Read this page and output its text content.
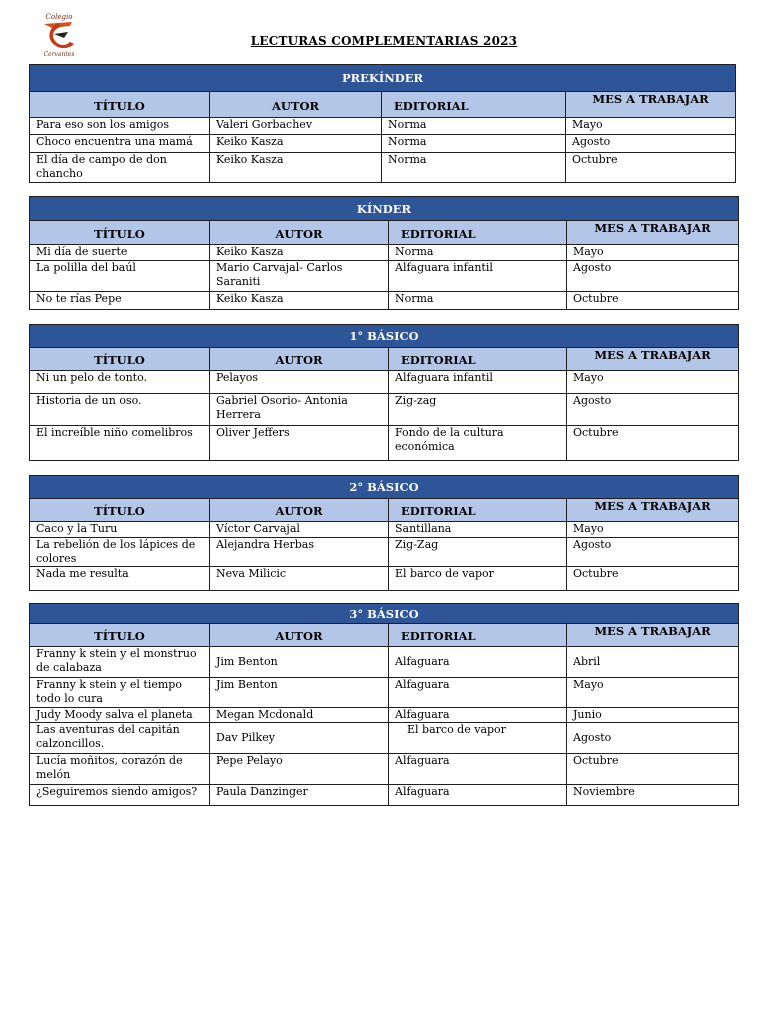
Colegio
Cervantes
LECTURAS COMPLEMENTARIAS 2023
PREKÍNDER			
TÍTULO	AUTOR	EDITORIAL	MES A TRABAJAR
Para eso son los amigos	Valeri Gorbachev	Norma	Mayo
Choco encuentra una mamá	Keiko Kasza	Norma	Agosto
El día de campo de don chancho	Keiko Kasza	Norma	Octubre
KÍNDER			
TÍTULO	AUTOR	EDITORIAL	MES A TRABAJAR
Mi día de suerte	Keiko Kasza	Norma	Mayo
La polilla del baúl	Mario Carvajal- Carlos Saraniti	Alfaguara infantil	Agosto
No te rías Pepe	Keiko Kasza	Norma	Octubre
1° BÁSICO			
TÍTULO	AUTOR	EDITORIAL	MES A TRABAJAR
Ni un pelo de tonto.	Pelayos	Alfaguara infantil	Mayo
Historia de un oso.	Gabriel Osorio- Antonia Herrera	Zig-zag	Agosto
El increíble niño comelibros	Oliver Jeffers	Fondo de la cultura económica	Octubre
2° BÁSICO			
TÍTULO	AUTOR	EDITORIAL	MES A TRABAJAR
Caco y la Turu	Víctor Carvajal	Santillana	Mayo
La rebelión de los lápices de colores	Alejandra Herbas	Zig-Zag	Agosto
Nada me resulta	Neva Milicic	El barco de vapor	Octubre
3° BÁSICO			
TÍTULO	AUTOR	EDITORIAL	MES A TRABAJAR
Franny k stein y el monstruo de calabaza	Jim Benton	Alfaguara	Abril
Franny k stein y el tiempo todo lo cura	Jim Benton	Alfaguara	Mayo
Judy Moody salva el planeta	Megan Mcdonald	Alfaguara	Junio
Las aventuras del capitán calzoncillos.	Dav Pilkey	El barco de vapor	Agosto
Lucía moñitos, corazón de melón	Pepe Pelayo	Alfaguara	Octubre
¿Seguiremos siendo amigos?	Paula Danzinger	Alfaguara	Noviembre
